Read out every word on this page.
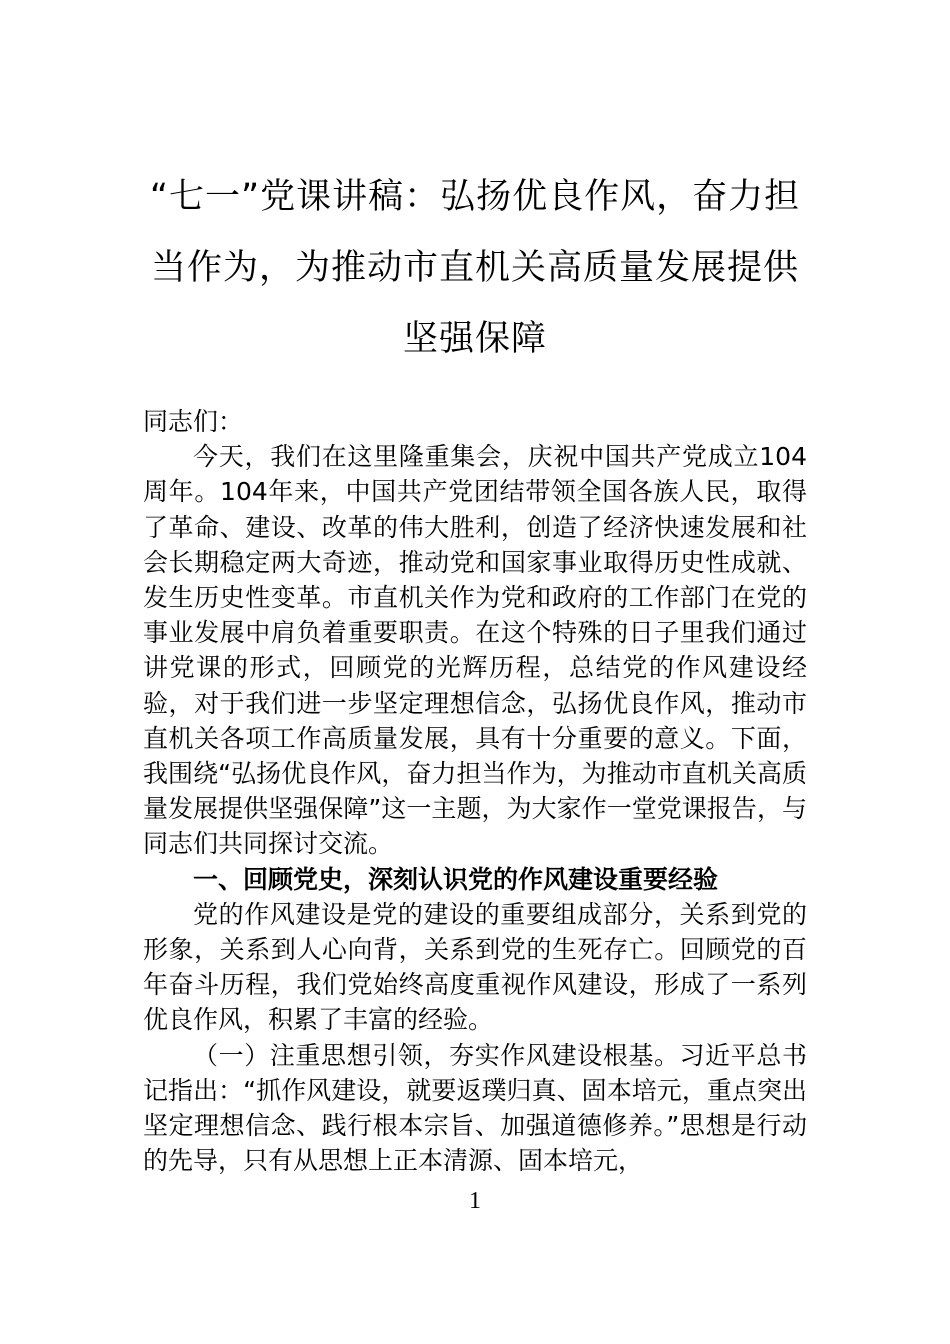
“七一”党课讲稿：弘扬优良作风，奋力担当作为，为推动市直机关高质量发展提供坚强保障

同志们：

今天，我们在这里隆重集会，庆祝中国共产党成立104周年。104年来，中国共产党团结带领全国各族人民，取得了革命、建设、改革的伟大胜利，创造了经济快速发展和社会长期稳定两大奇迹，推动党和国家事业取得历史性成就、发生历史性变革。市直机关作为党和政府的工作部门在党的事业发展中肩负着重要职责。在这个特殊的日子里我们通过讲党课的形式，回顾党的光辉历程，总结党的作风建设经验，对于我们进一步坚定理想信念，弘扬优良作风，推动市直机关各项工作高质量发展，具有十分重要的意义。下面，我围绕“弘扬优良作风，奋力担当作为，为推动市直机关高质量发展提供坚强保障”这一主题，为大家作一堂党课报告，与同志们共同探讨交流。

一、回顾党史，深刻认识党的作风建设重要经验

党的作风建设是党的建设的重要组成部分，关系到党的形象，关系到人心向背，关系到党的生死存亡。回顾党的百年奋斗历程，我们党始终高度重视作风建设，形成了一系列优良作风，积累了丰富的经验。

（一）注重思想引领，夯实作风建设根基。习近平总书记指出：“抓作风建设，就要返璞归真、固本培元，重点突出坚定理想信念、践行根本宗旨、加强道德修养。”思想是行动的先导，只有从思想上正本清源、固本培元，

1
